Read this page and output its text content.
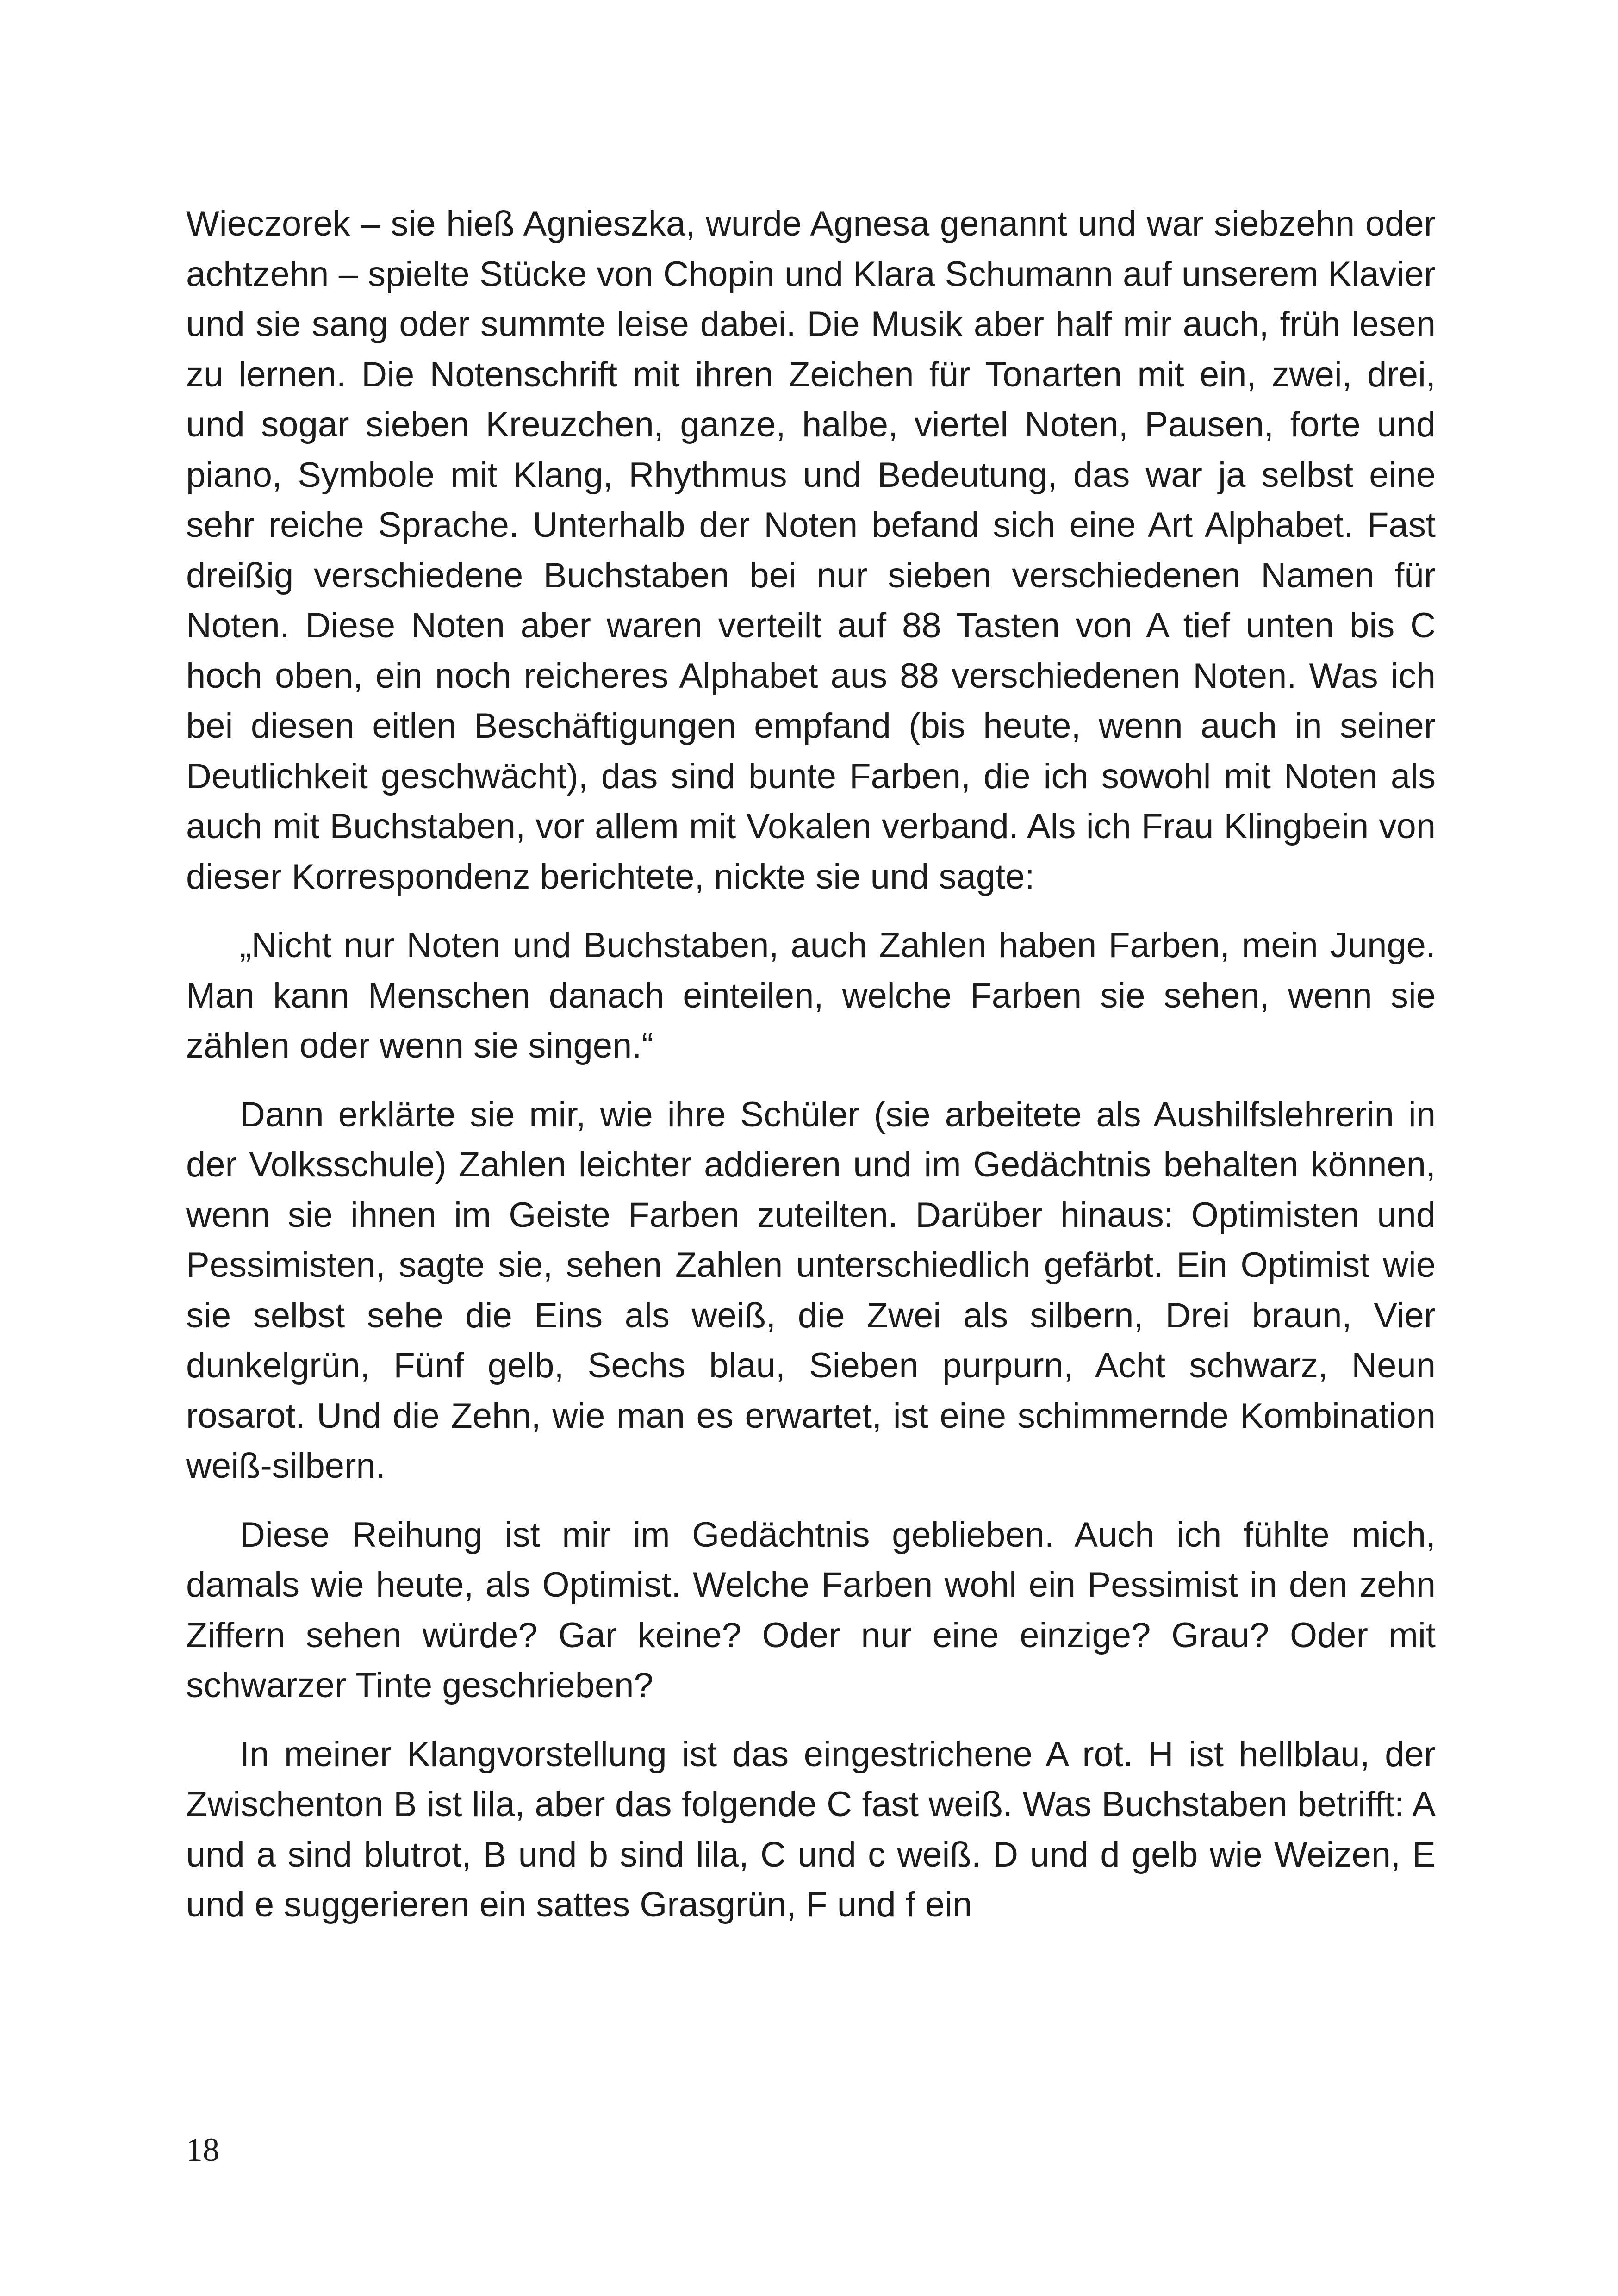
Wieczorek – sie hieß Agnieszka, wurde Agnesa genannt und war siebzehn oder achtzehn – spielte Stücke von Chopin und Klara Schumann auf unserem Klavier und sie sang oder summte leise dabei. Die Musik aber half mir auch, früh lesen zu lernen. Die Notenschrift mit ihren Zeichen für Tonarten mit ein, zwei, drei, und sogar sieben Kreuzchen, ganze, halbe, viertel Noten, Pausen, forte und piano, Symbole mit Klang, Rhythmus und Bedeutung, das war ja selbst eine sehr reiche Sprache. Unterhalb der Noten befand sich eine Art Alphabet. Fast dreißig verschiedene Buchstaben bei nur sieben verschiedenen Namen für Noten. Diese Noten aber waren verteilt auf 88 Tasten von A tief unten bis C hoch oben, ein noch reicheres Alphabet aus 88 verschiedenen Noten. Was ich bei diesen eitlen Beschäftigungen empfand (bis heute, wenn auch in seiner Deutlichkeit geschwächt), das sind bunte Farben, die ich sowohl mit Noten als auch mit Buchstaben, vor allem mit Vokalen verband. Als ich Frau Klingbein von dieser Korrespondenz berichtete, nickte sie und sagte:

„Nicht nur Noten und Buchstaben, auch Zahlen haben Farben, mein Junge. Man kann Menschen danach einteilen, welche Farben sie sehen, wenn sie zählen oder wenn sie singen.“

Dann erklärte sie mir, wie ihre Schüler (sie arbeitete als Aushilfslehrerin in der Volksschule) Zahlen leichter addieren und im Gedächtnis behalten können, wenn sie ihnen im Geiste Farben zuteilten. Darüber hinaus: Optimisten und Pessimisten, sagte sie, sehen Zahlen unterschiedlich gefärbt. Ein Optimist wie sie selbst sehe die Eins als weiß, die Zwei als silbern, Drei braun, Vier dunkelgrün, Fünf gelb, Sechs blau, Sieben purpurn, Acht schwarz, Neun rosarot. Und die Zehn, wie man es erwartet, ist eine schimmernde Kombination weiß-silbern.

Diese Reihung ist mir im Gedächtnis geblieben. Auch ich fühlte mich, damals wie heute, als Optimist. Welche Farben wohl ein Pessimist in den zehn Ziffern sehen würde? Gar keine? Oder nur eine einzige? Grau? Oder mit schwarzer Tinte geschrieben?

In meiner Klangvorstellung ist das eingestrichene A rot. H ist hellblau, der Zwischenton B ist lila, aber das folgende C fast weiß. Was Buchstaben betrifft: A und a sind blutrot, B und b sind lila, C und c weiß. D und d gelb wie Weizen, E und e suggerieren ein sattes Grasgrün, F und f ein

18
